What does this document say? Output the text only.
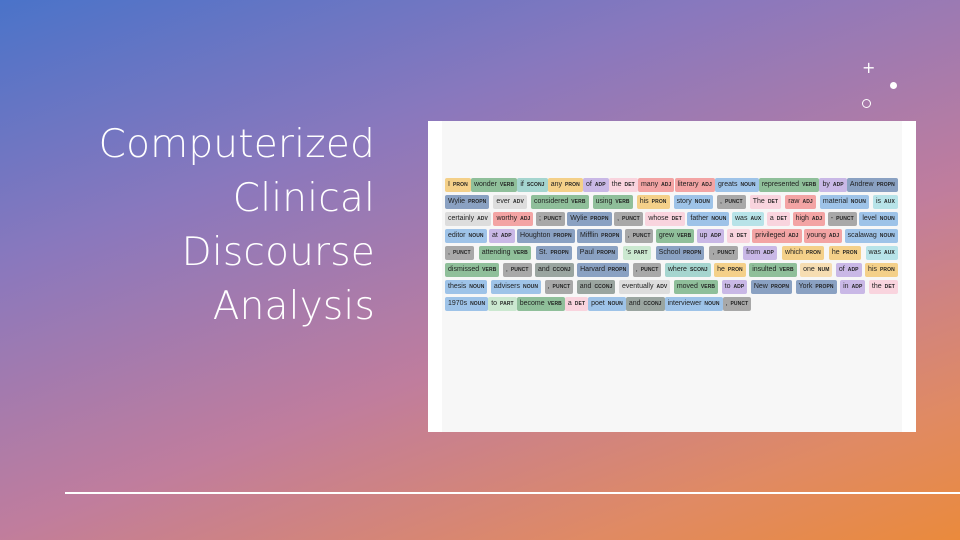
Computerized
Clinical
Discourse
Analysis
+
I PRON wonder VERB if SCONJ any PRON of ADP the DET many ADJ literary ADJ greats NOUN represented VERB by ADP Andrew PROPN
Wylie PROPN ever ADV considered VERB using VERB his PRON story NOUN , PUNCT The DET raw ADJ material NOUN is AUX
certainly ADV worthy ADJ ; PUNCT Wylie PROPN , PUNCT whose DET father NOUN was AUX a DET high ADJ - PUNCT level NOUN
editor NOUN at ADP Houghton PROPN Mifflin PROPN , PUNCT grew VERB up ADP a DET privileged ADJ young ADJ scalawag NOUN
, PUNCT attending VERB St. PROPN Paul PROPN 's PART School PROPN , PUNCT from ADP which PRON he PRON was AUX
dismissed VERB , PUNCT and CCONJ Harvard PROPN , PUNCT where SCONJ he PRON insulted VERB one NUM of ADP his PRON
thesis NOUN advisers NOUN , PUNCT and CCONJ eventually ADV moved VERB to ADP New PROPN York PROPN in ADP the DET
1970s NOUN to PART become VERB a DET poet NOUN and CCONJ interviewer NOUN , PUNCT
